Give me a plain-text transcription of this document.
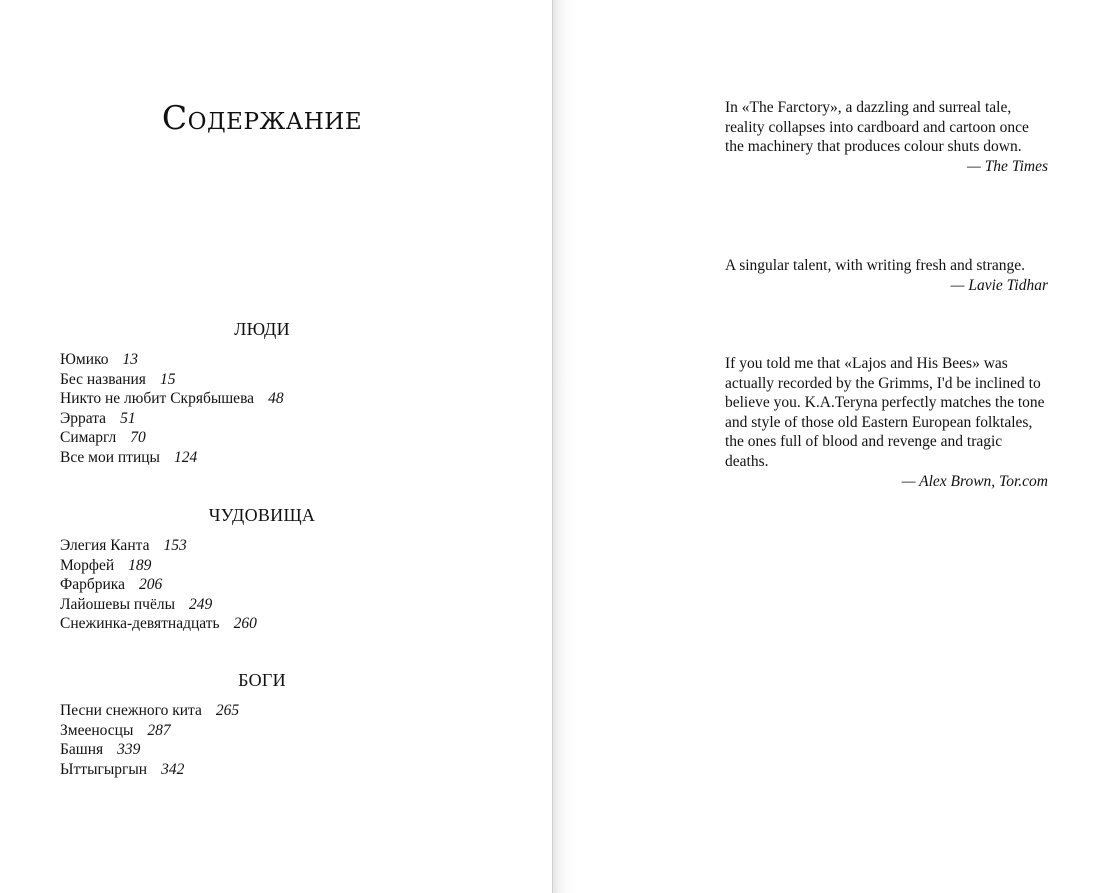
Содержание
ЛЮДИ
Юмико 13
Бес названия 15
Никто не любит Скрябышева 48
Эррата 51
Симаргл 70
Все мои птицы 124
ЧУДОВИЩА
Элегия Канта 153
Морфей 189
Фарбрика 206
Лайошевы пчёлы 249
Снежинка-девятнадцать 260
БОГИ
Песни снежного кита 265
Змееносцы 287
Башня 339
Ыттыгыргын 342

In «The Farctory», a dazzling and surreal tale, reality collapses into cardboard and cartoon once the machinery that produces colour shuts down.

— The Times

A singular talent, with writing fresh and strange.

— Lavie Tidhar

If you told me that «Lajos and His Bees» was actually recorded by the Grimms, I'd be inclined to believe you. K.A.Teryna perfectly matches the tone and style of those old Eastern European folktales, the ones full of blood and revenge and tragic deaths.

— Alex Brown, Tor.com
